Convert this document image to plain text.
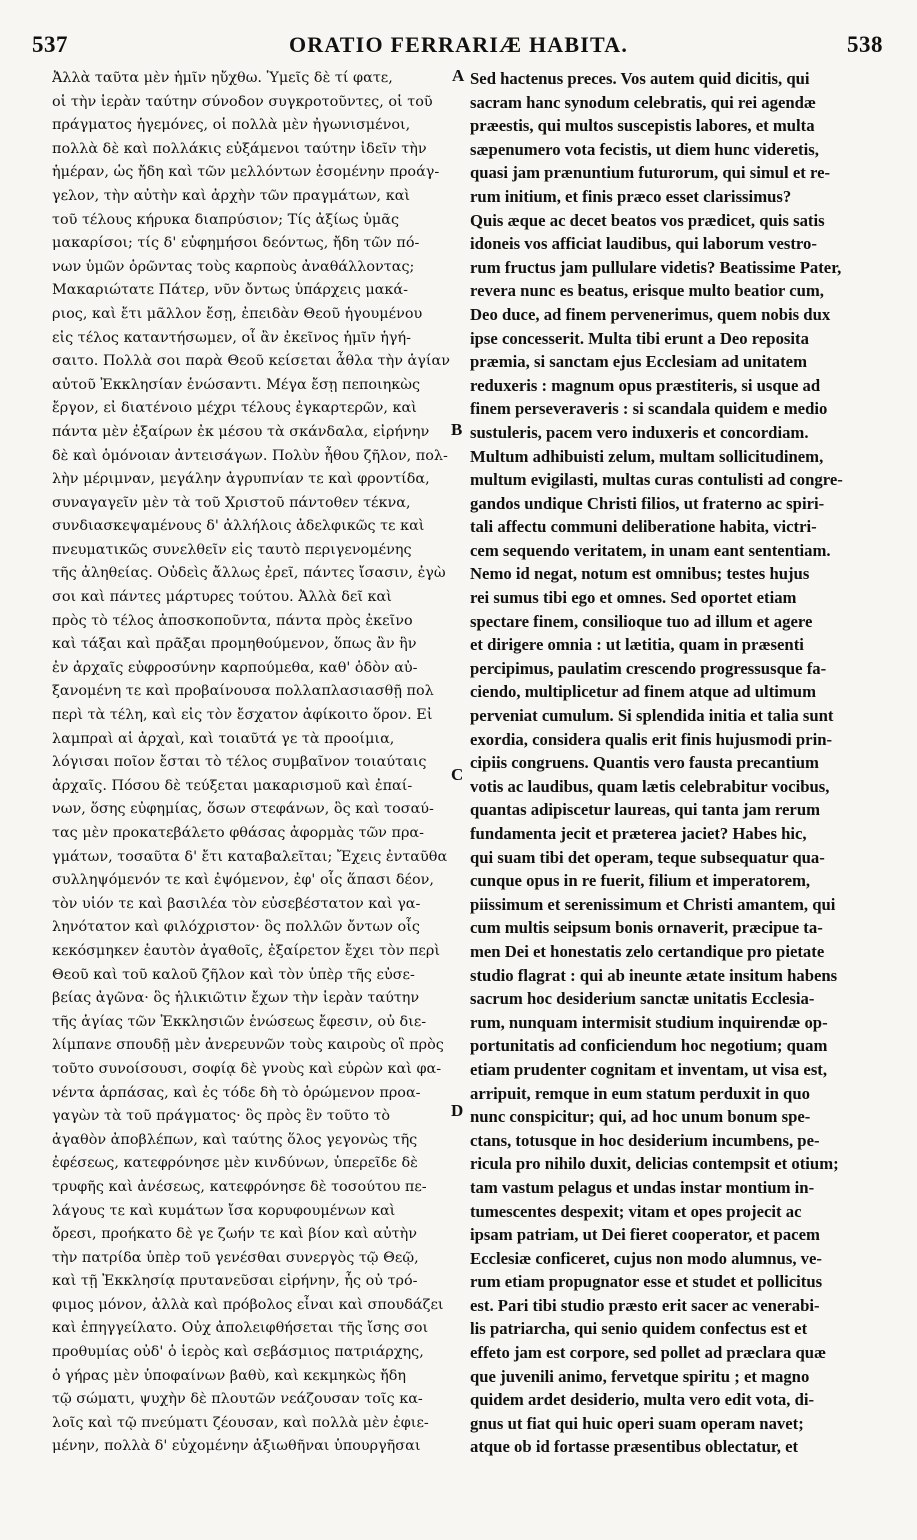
537	ORATIO FERRARIÆ HABITA.	538
Ἀλλὰ ταῦτα μὲν ἡμῖν ηὔχθω. Ὑμεῖς δὲ τί φατε,
οἱ τὴν ἱερὰν ταύτην σύνοδον συγκροτοῦντες, οἱ τοῦ
πράγματος ἡγεμόνες, οἱ πολλὰ μὲν ἠγωνισμένοι,
πολλὰ δὲ καὶ πολλάκις εὐξάμενοι ταύτην ἰδεῖν τὴν
ἡμέραν, ὡς ἤδη καὶ τῶν μελλόντων ἐσομένην προάγ-
γελον, τὴν αὐτὴν καὶ ἀρχὴν τῶν πραγμάτων, καὶ
τοῦ τέλους κήρυκα διαπρύσιον; Τίς ἀξίως ὑμᾶς
μακαρίσοι; τίς δ' εὐφημήσοι δεόντως, ἤδη τῶν πό-
νων ὑμῶν ὁρῶντας τοὺς καρποὺς ἀναθάλλοντας;
Μακαριώτατε Πάτερ, νῦν ὄντως ὑπάρχεις μακά-
ριος, καὶ ἔτι μᾶλλον ἔσῃ, ἐπειδὰν Θεοῦ ἡγουμένου
εἰς τέλος καταντήσωμεν, οἷ ἂν ἐκεῖνος ἡμῖν ἡγή-
σαιτο. Πολλὰ σοι παρὰ Θεοῦ κείσεται ἆθλα τὴν ἁγίαν
αὐτοῦ Ἐκκλησίαν ἑνώσαντι. Μέγα ἔσῃ πεποιηκὼς
ἔργον, εἰ διατένοιο μέχρι τέλους ἐγκαρτερῶν, καὶ
πάντα μὲν ἐξαίρων ἐκ μέσου τὰ σκάνδαλα, εἰρήνην
δὲ καὶ ὁμόνοιαν ἀντεισάγων. Πολὺν ἦθου ζῆλον, πολ-
λὴν μέριμναν, μεγάλην ἀγρυπνίαν τε καὶ φροντίδα,
συναγαγεῖν μὲν τὰ τοῦ Χριστοῦ πάντοθεν τέκνα,
συνδιασκεψαμένους δ' ἀλλήλοις ἀδελφικῶς τε καὶ
πνευματικῶς συνελθεῖν εἰς ταυτὸ περιγενομένης
τῆς ἀληθείας. Οὐδεὶς ἄλλως ἐρεῖ, πάντες ἴσασιν, ἐγὼ
σοι καὶ πάντες μάρτυρες τούτου. Ἀλλὰ δεῖ καὶ
πρὸς τὸ τέλος ἀποσκοποῦντα, πάντα πρὸς ἐκεῖνο
καὶ τάξαι καὶ πρᾶξαι προμηθούμενον, ὅπως ἂν ἣν
ἐν ἀρχαῖς εὐφροσύνην καρπούμεθα, καθ' ὁδὸν αὐ-
ξανομένη τε καὶ προβαίνουσα πολλαπλασιασθῇ πολ
περὶ τὰ τέλη, καὶ εἰς τὸν ἔσχατον ἀφίκοιτο ὅρον. Εἰ
λαμπραὶ αἱ ἀρχαὶ, καὶ τοιαῦτά γε τὰ προοίμια,
λόγισαι ποῖον ἔσται τὸ τέλος συμβαῖνον τοιαύταις
ἀρχαῖς. Πόσου δὲ τεύξεται μακαρισμοῦ καὶ ἐπαί-
νων, ὅσης εὐφημίας, ὅσων στεφάνων, ὃς καὶ τοσαύ-
τας μὲν προκατεβάλετο φθάσας ἀφορμὰς τῶν πρα-
γμάτων, τοσαῦτα δ' ἔτι καταβαλεῖται; Ἔχεις ἐνταῦθα
συλληψόμενόν τε καὶ ἐψόμενον, ἐφ' οἷς ἅπασι δέον,
τὸν υἱόν τε καὶ βασιλέα τὸν εὐσεβέστατον καὶ γα-
ληνότατον καὶ φιλόχριστον· ὃς πολλῶν ὄντων οἷς
κεκόσμηκεν ἑαυτὸν ἀγαθοῖς, ἐξαίρετον ἔχει τὸν περὶ
Θεοῦ καὶ τοῦ καλοῦ ζῆλον καὶ τὸν ὑπὲρ τῆς εὐσε-
βείας ἀγῶνα· ὃς ἡλικιῶτιν ἔχων τὴν ἱερὰν ταύτην
τῆς ἁγίας τῶν Ἐκκλησιῶν ἑνώσεως ἔφεσιν, οὐ διε-
λίμπανε σπουδῇ μὲν ἀνερευνῶν τοὺς καιροὺς οἳ πρὸς
τοῦτο συνοίσουσι, σοφίᾳ δὲ γνοὺς καὶ εὑρὼν καὶ φα-
νέντα ἁρπάσας, καὶ ἐς τόδε δὴ τὸ ὁρώμενον προα-
γαγὼν τὰ τοῦ πράγματος· ὃς πρὸς ἓν τοῦτο τὸ
ἀγαθὸν ἀποβλέπων, καὶ ταύτης ὅλος γεγονὼς τῆς
ἐφέσεως, κατεφρόνησε μὲν κινδύνων, ὑπερεῖδε δὲ
τρυφῆς καὶ ἀνέσεως, κατεφρόνησε δὲ τοσούτου πε-
λάγους τε καὶ κυμάτων ἴσα κορυφουμένων καὶ
ὄρεσι, προήκατο δὲ γε ζωήν τε καὶ βίον καὶ αὐτὴν
τὴν πατρίδα ὑπὲρ τοῦ γενέσθαι συνεργὸς τῷ Θεῷ,
καὶ τῇ Ἐκκλησίᾳ πρυτανεῦσαι εἰρήνην, ἧς οὐ τρό-
φιμος μόνον, ἀλλὰ καὶ πρόβολος εἶναι καὶ σπουδάζει
καὶ ἐπηγγείλατο. Οὐχ ἀπολειφθήσεται τῆς ἴσης σοι
προθυμίας οὐδ' ὁ ἱερὸς καὶ σεβάσμιος πατριάρχης,
ὁ γήρας μὲν ὑποφαίνων βαθὺ, καὶ κεκμηκὼς ἤδη
τῷ σώματι, ψυχὴν δὲ πλουτῶν νεάζουσαν τοῖς κα-
λοῖς καὶ τῷ πνεύματι ζέουσαν, καὶ πολλὰ μὲν ἐφιε-
μένην, πολλὰ δ' εὐχομένην ἀξιωθῆναι ὑπουργῆσαι
Sed hactenus preces. Vos autem quid dicitis, qui
sacram hanc synodum celebratis, qui rei agendæ
præestis, qui multos suscepistis labores, et multa
sæpenumero vota fecistis, ut diem hunc videretis,
quasi jam prænuntium futurorum, qui simul et re-
rum initium, et finis præco esset clarissimus?
Quis æque ac decet beatos vos prædicet, quis satis
idoneis vos afficiat laudibus, qui laborum vestro-
rum fructus jam pullulare videtis? Beatissime Pater,
revera nunc es beatus, erisque multo beatior cum,
Deo duce, ad finem pervenerimus, quem nobis dux
ipse concesserit. Multa tibi erunt a Deo reposita
præmia, si sanctam ejus Ecclesiam ad unitatem
reduxeris : magnum opus præstiteris, si usque ad
finem perseveraveris : si scandala quidem e medio
sustuleris, pacem vero induxeris et concordiam.
Multum adhibuisti zelum, multam sollicitudinem,
multum evigilasti, multas curas contulisti ad congre-
gandos undique Christi filios, ut fraterno ac spiri-
tali affectu communi deliberatione habita, victri-
cem sequendo veritatem, in unam eant sententiam.
Nemo id negat, notum est omnibus; testes hujus
rei sumus tibi ego et omnes. Sed oportet etiam
spectare finem, consilioque tuo ad illum et agere
et dirigere omnia : ut lætitia, quam in præsenti
percipimus, paulatim crescendo progressusque fa-
ciendo, multiplicetur ad finem atque ad ultimum
perveniat cumulum. Si splendida initia et talia sunt
exordia, considera qualis erit finis hujusmodi prin-
cipiis congruens. Quantis vero fausta precantium
votis ac laudibus, quam lætis celebrabitur vocibus,
quantas adipiscetur laureas, qui tanta jam rerum
fundamenta jecit et præterea jaciet? Habes hic,
qui suam tibi det operam, teque subsequatur qua-
cunque opus in re fuerit, filium et imperatorem,
piissimum et serenissimum et Christi amantem, qui
cum multis seipsum bonis ornaverit, præcipue ta-
men Dei et honestatis zelo certandique pro pietate
studio flagrat : qui ab ineunte ætate insitum habens
sacrum hoc desiderium sanctæ unitatis Ecclesia-
rum, nunquam intermisit studium inquirendæ op-
portunitatis ad conficiendum hoc negotium; quam
etiam prudenter cognitam et inventam, ut visa est,
arripuit, remque in eum statum perduxit in quo
nunc conspicitur; qui, ad hoc unum bonum spe-
ctans, totusque in hoc desiderium incumbens, pe-
ricula pro nihilo duxit, delicias contempsit et otium;
tam vastum pelagus et undas instar montium in-
tumescentes despexit; vitam et opes projecit ac
ipsam patriam, ut Dei fieret cooperator, et pacem
Ecclesiæ conficeret, cujus non modo alumnus, ve-
rum etiam propugnator esse et studet et pollicitus
est. Pari tibi studio præsto erit sacer ac venerabi-
lis patriarcha, qui senio quidem confectus est et
effeto jam est corpore, sed pollet ad præclara quæ
que juvenili animo, fervetque spiritu ; et magno
quidem ardet desiderio, multa vero edit vota, di-
gnus ut fiat qui huic operi suam operam navet;
atque ob id fortasse præsentibus oblectatur, et
A
B
C
D
